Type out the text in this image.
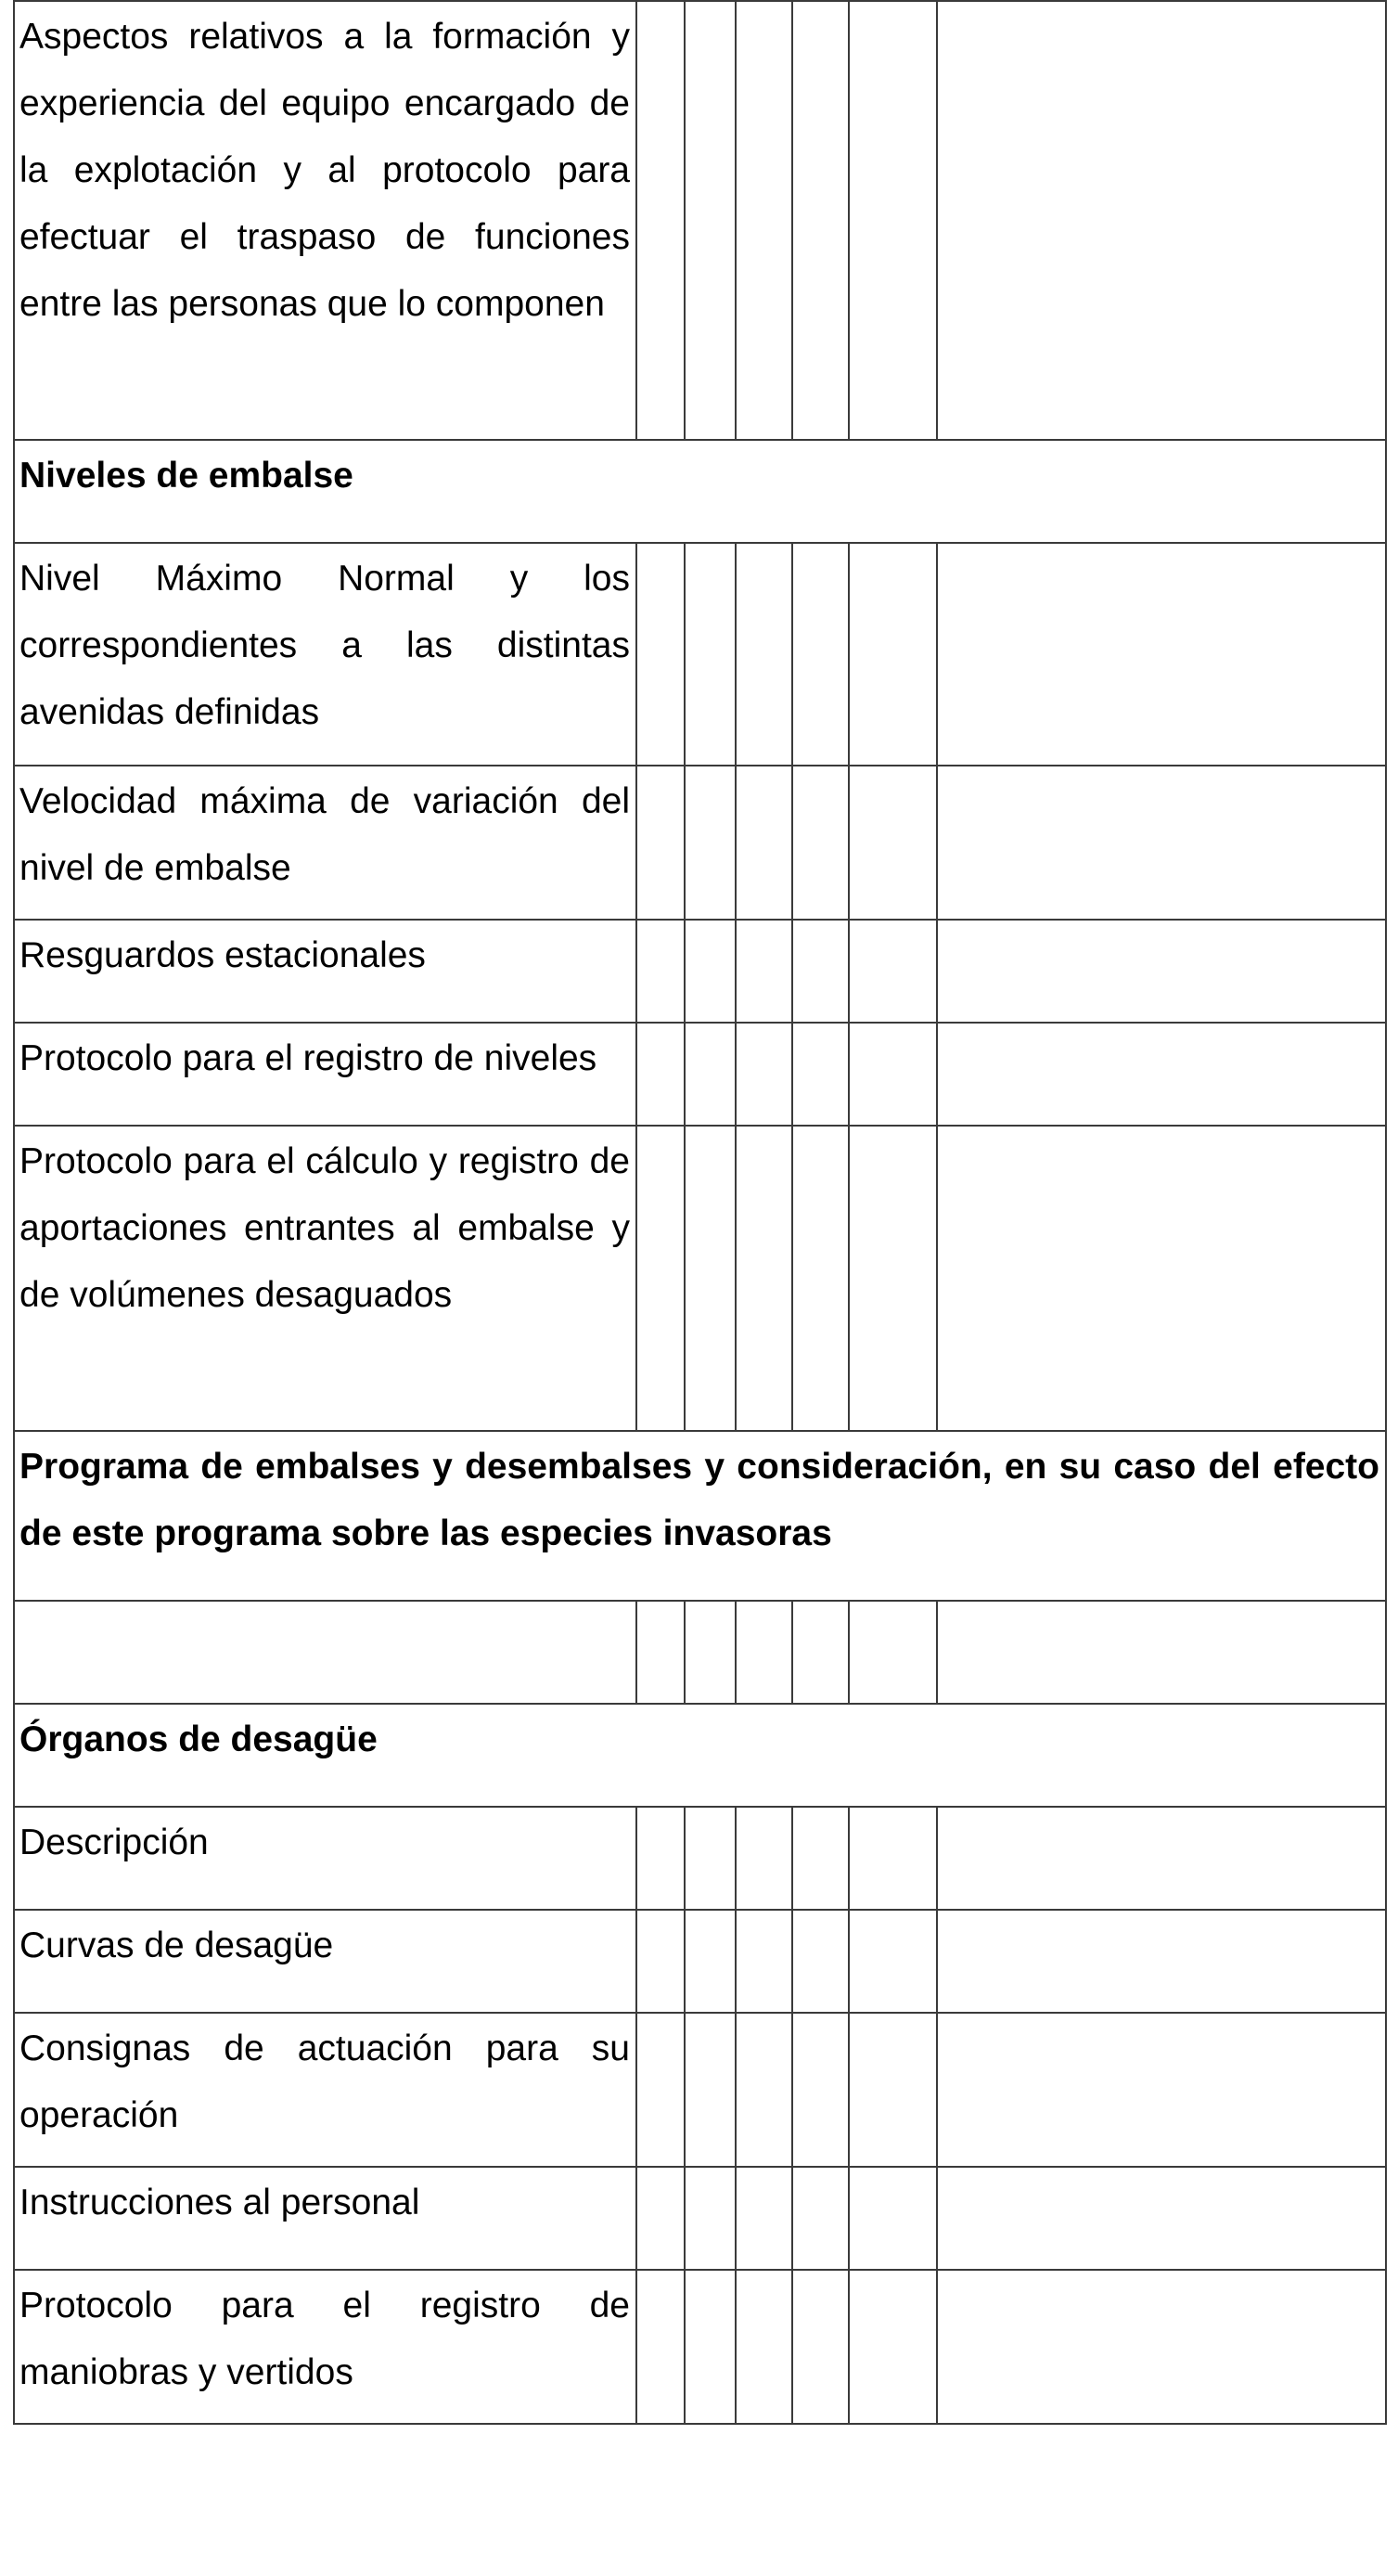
Aspectos relativos a la formación y experiencia del equipo encargado de la explotación y al protocolo para efectuar el traspaso de funciones entre las personas que lo componen						
Niveles de embalse						
Nivel Máximo Normal y los correspondientes a las distintas avenidas definidas						
Velocidad máxima de variación del nivel de embalse						
Resguardos estacionales						
Protocolo para el registro de niveles						
Protocolo para el cálculo y registro de aportaciones entrantes al embalse y de volúmenes desaguados						
Programa de embalses y desembalses y consideración, en su caso del efecto de este programa sobre las especies invasoras						

Órganos de desagüe						
Descripción						
Curvas de desagüe						
Consignas de actuación para su operación						
Instrucciones al personal						
Protocolo para el registro de maniobras y vertidos						
